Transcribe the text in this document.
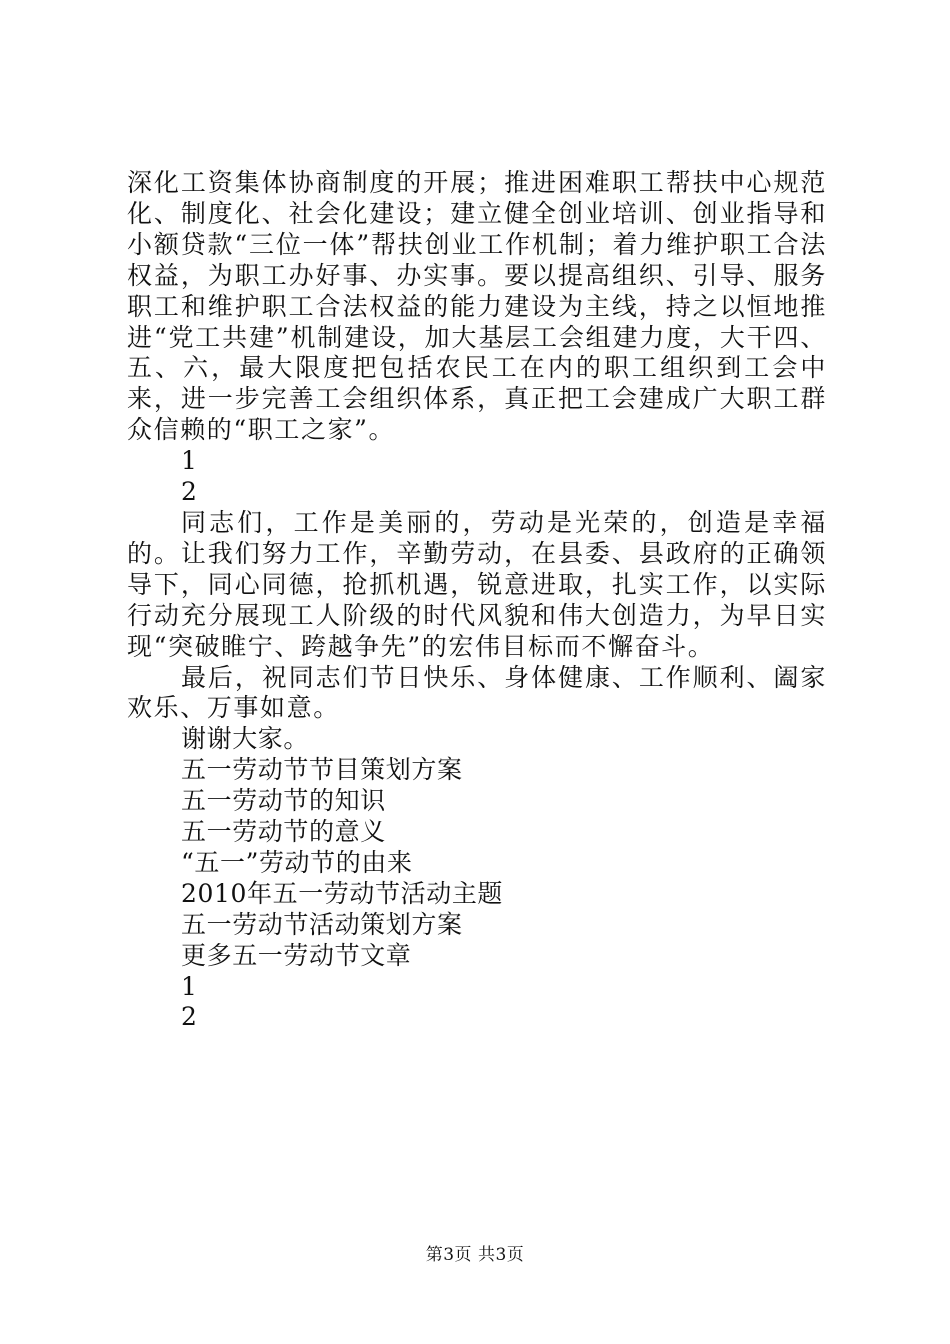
深化工资集体协商制度的开展；推进困难职工帮扶中心规范化、制度化、社会化建设；建立健全创业培训、创业指导和小额贷款“三位一体”帮扶创业工作机制；着力维护职工合法权益，为职工办好事、办实事。要以提高组织、引导、服务职工和维护职工合法权益的能力建设为主线，持之以恒地推进“党工共建”机制建设，加大基层工会组建力度，大干四、五、六，最大限度把包括农民工在内的职工组织到工会中来，进一步完善工会组织体系，真正把工会建成广大职工群众信赖的“职工之家”。

1

2

同志们，工作是美丽的，劳动是光荣的，创造是幸福的。让我们努力工作，辛勤劳动，在县委、县政府的正确领导下，同心同德，抢抓机遇，锐意进取，扎实工作，以实际行动充分展现工人阶级的时代风貌和伟大创造力，为早日实现“突破睢宁、跨越争先”的宏伟目标而不懈奋斗。

最后，祝同志们节日快乐、身体健康、工作顺利、阖家欢乐、万事如意。

谢谢大家。

五一劳动节节目策划方案

五一劳动节的知识

五一劳动节的意义

“五一”劳动节的由来

2010年五一劳动节活动主题

五一劳动节活动策划方案

更多五一劳动节文章

1

2

第3页 共3页
